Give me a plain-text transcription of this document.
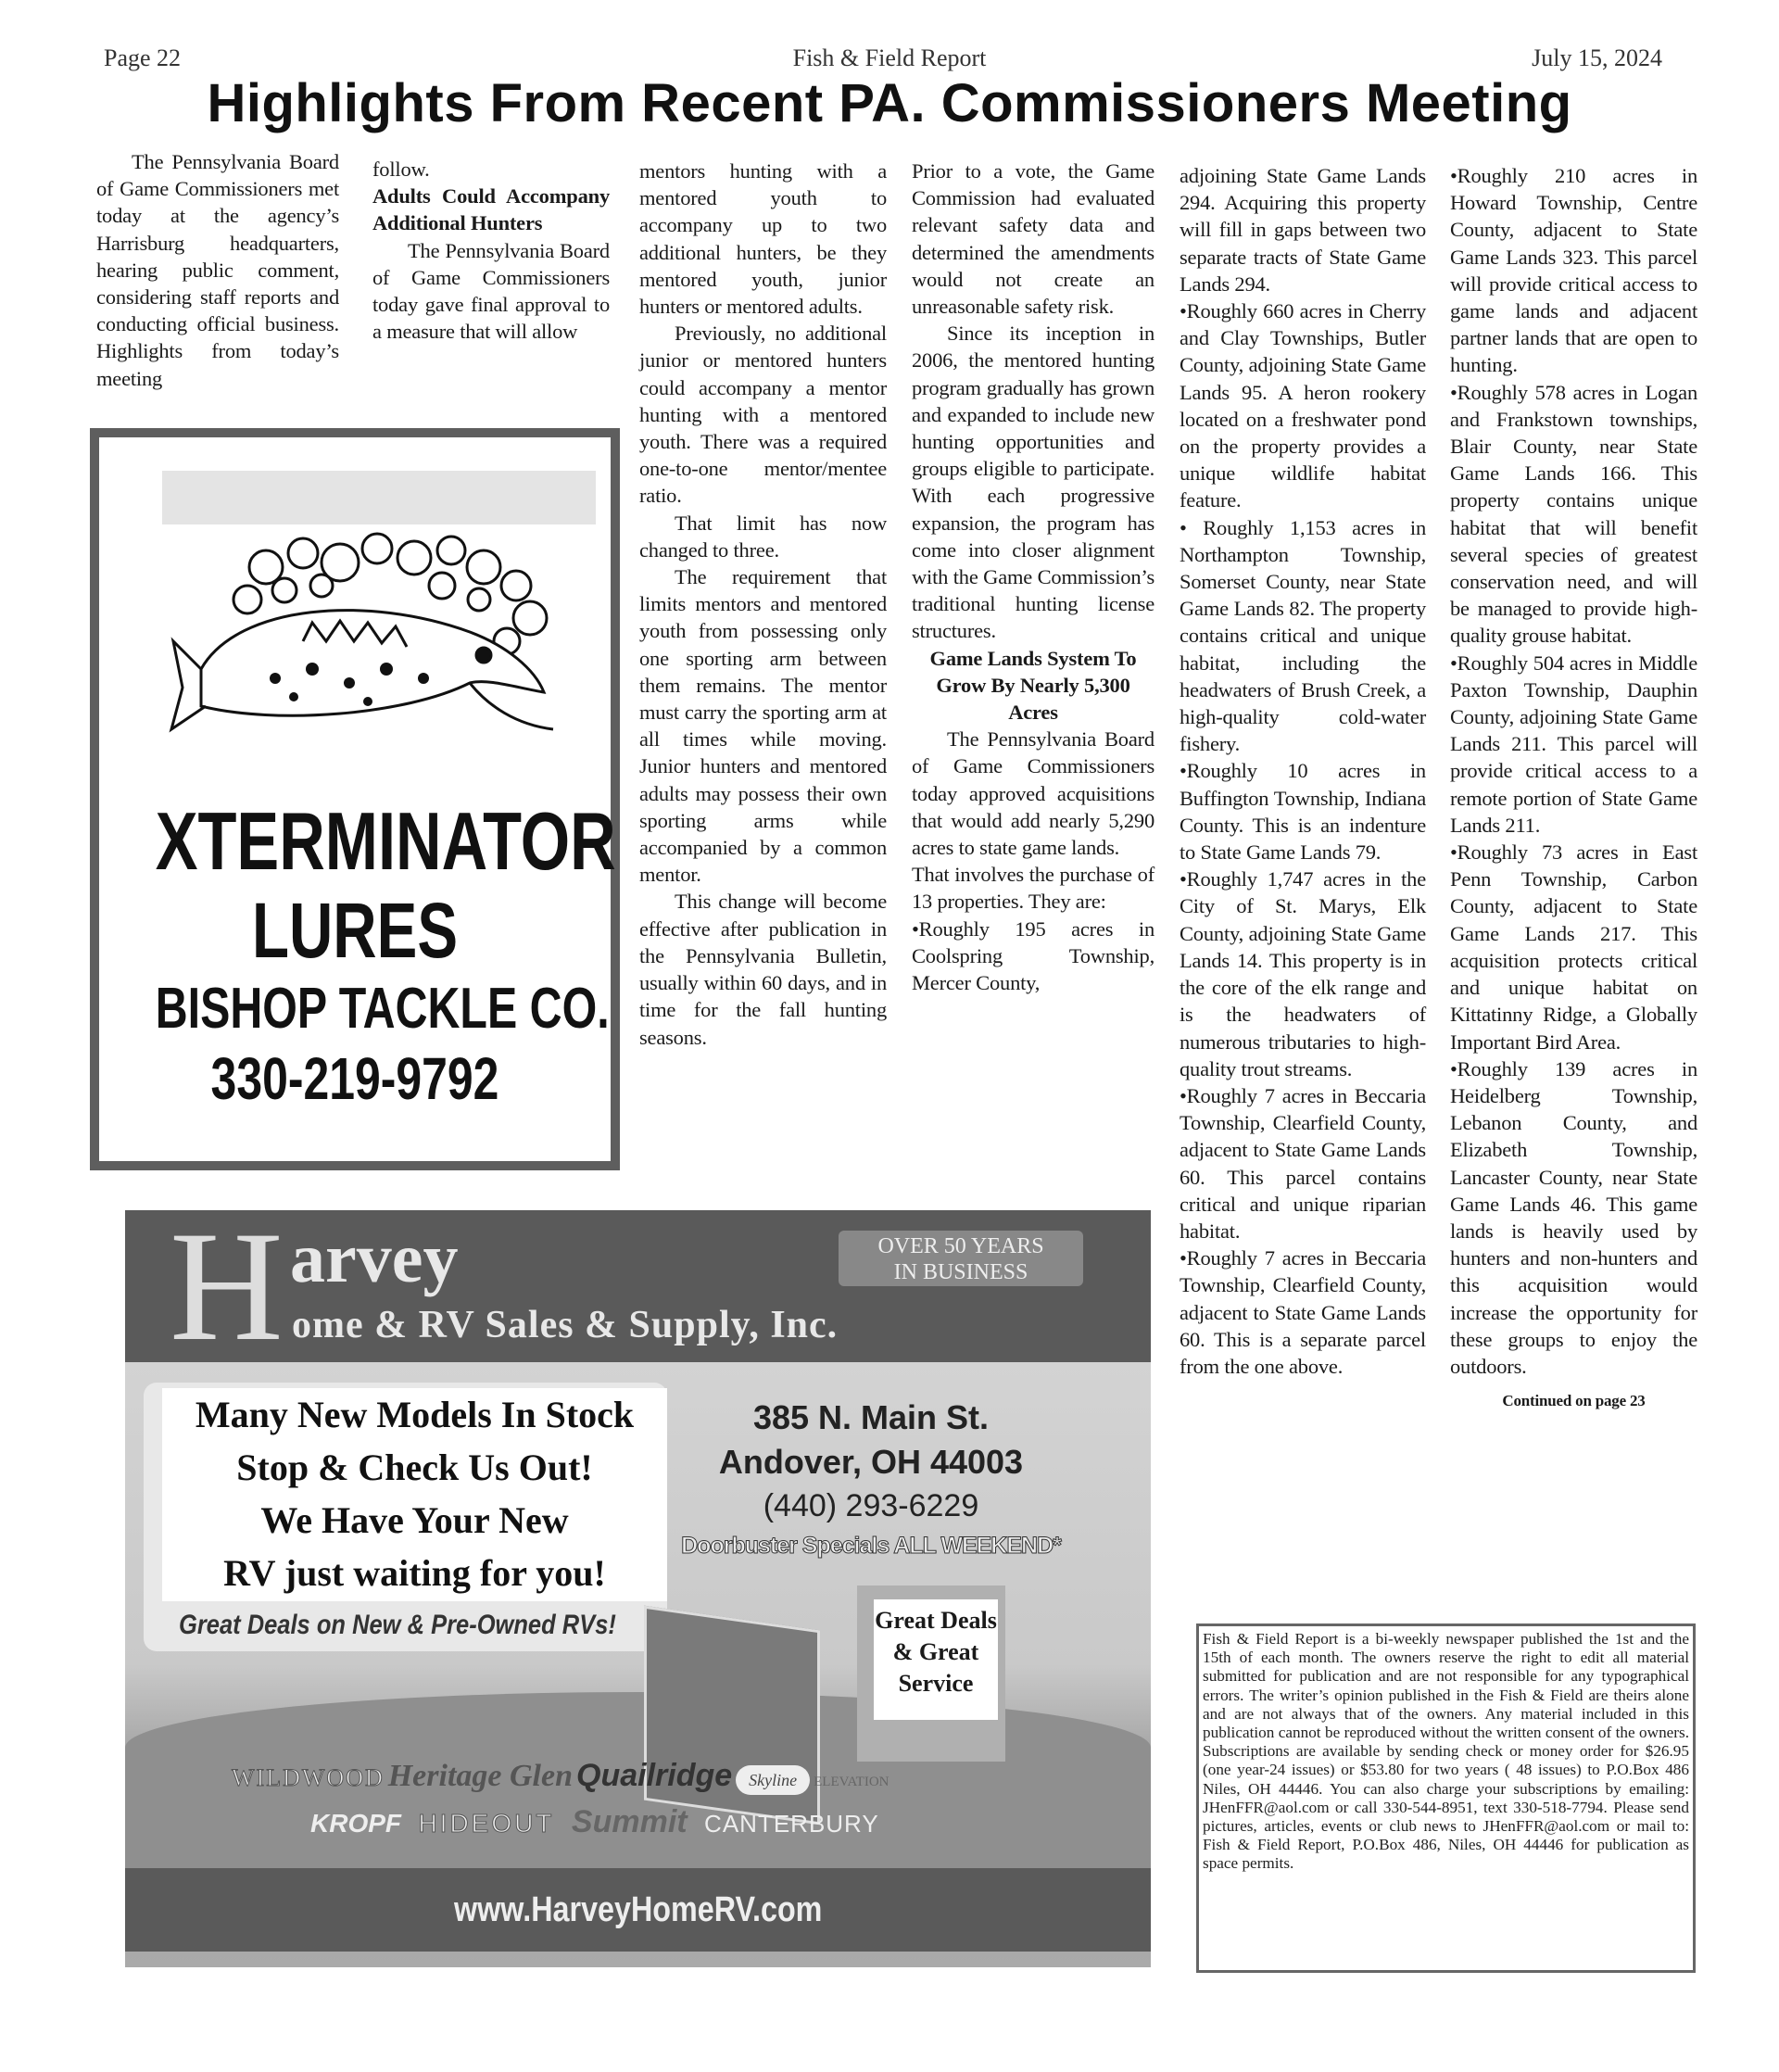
Page 22	Fish & Field Report	July 15, 2024
Highlights From Recent PA. Commissioners Meeting

The Pennsylvania Board of Game Commissioners met today at the agency’s Harrisburg headquarters, hearing public comment, considering staff reports and conducting official business. Highlights from today’s meeting

follow.

Adults Could Accompany Additional Hunters

The Pennsylvania Board of Game Commissioners today gave final approval to a measure that will allow

mentors hunting with a mentored youth to accompany up to two additional hunters, be they mentored youth, junior hunters or mentored adults.

Previously, no additional junior or mentored hunters could accompany a mentor hunting with a mentored youth. There was a required one-to-one mentor/mentee ratio.

That limit has now changed to three.

The requirement that limits mentors and mentored youth from possessing only one sporting arm between them remains. The mentor must carry the sporting arm at all times while moving. Junior hunters and mentored adults may possess their own sporting arms while accompanied by a common mentor.

This change will become effective after publication in the Pennsylvania Bulletin, usually within 60 days, and in time for the fall hunting seasons.

Prior to a vote, the Game Commission had evaluated relevant safety data and determined the amendments would not create an unreasonable safety risk.

Since its inception in 2006, the mentored hunting program gradually has grown and expanded to include new hunting opportunities and groups eligible to participate. With each progressive expansion, the program has come into closer alignment with the Game Commission’s traditional hunting license structures.

Game Lands System To Grow By Nearly 5,300 Acres

The Pennsylvania Board of Game Commissioners today approved acquisitions that would add nearly 5,290 acres to state game lands.

That involves the purchase of 13 properties. They are:

•Roughly 195 acres in Coolspring Township, Mercer County,

adjoining State Game Lands 294. Acquiring this property will fill in gaps between two separate tracts of State Game Lands 294.

•Roughly 660 acres in Cherry and Clay Townships, Butler County, adjoining State Game Lands 95. A heron rookery located on a freshwater pond on the property provides a unique wildlife habitat feature.

• Roughly 1,153 acres in Northampton Township, Somerset County, near State Game Lands 82. The property contains critical and unique habitat, including the headwaters of Brush Creek, a high-quality cold-water fishery.

•Roughly 10 acres in Buffington Township, Indiana County. This is an indenture to State Game Lands 79.

•Roughly 1,747 acres in the City of St. Marys, Elk County, adjoining State Game Lands 14. This property is in the core of the elk range and is the headwaters of numerous tributaries to high-quality trout streams.

•Roughly 7 acres in Beccaria Township, Clearfield County, adjacent to State Game Lands 60. This parcel contains critical and unique riparian habitat.

•Roughly 7 acres in Beccaria Township, Clearfield County, adjacent to State Game Lands 60. This is a separate parcel from the one above.

•Roughly 210 acres in Howard Township, Centre County, adjacent to State Game Lands 323. This parcel will provide critical access to game lands and adjacent partner lands that are open to hunting.

•Roughly 578 acres in Logan and Frankstown townships, Blair County, near State Game Lands 166. This property contains unique habitat that will benefit several species of greatest conservation need, and will be managed to provide high-quality grouse habitat.

•Roughly 504 acres in Middle Paxton Township, Dauphin County, adjoining State Game Lands 211. This parcel will provide critical access to a remote portion of State Game Lands 211.

•Roughly 73 acres in East Penn Township, Carbon County, adjacent to State Game Lands 217. This acquisition protects critical and unique habitat on Kittatinny Ridge, a Globally Important Bird Area.

•Roughly 139 acres in Heidelberg Township, Lebanon County, and Elizabeth Township, Lancaster County, near State Game Lands 46. This game lands is heavily used by hunters and non-hunters and this acquisition would increase the opportunity for these groups to enjoy the outdoors.

Continued on page 23
XTERMINATOR
LURES
BISHOP TACKLE CO.
330-219-9792
H arvey
ome & RV Sales & Supply, Inc.
OVER 50 YEARS
IN BUSINESS
Many New Models In Stock
Stop & Check Us Out!
We Have Your New
RV just waiting for you!
Great Deals on New & Pre-Owned RVs!
385 N. Main St.
Andover, OH 44003
(440) 293-6229
Doorbuster Specials ALL WEEKEND*
Great Deals
& Great
Service
WILDWOOD Heritage Glen Quailridge Skyline ELEVATION
KROPF HIDEOUT Summit CANTERBURY
www.HarveyHomeRV.com
Fish & Field Report is a bi-weekly newspaper published the 1st and the 15th of each month. The owners reserve the right to edit all material submitted for publication and are not responsible for any typographical errors. The writer’s opinion published in the Fish & Field are theirs alone and are not always that of the owners. Any material included in this publication cannot be reproduced without the written consent of the owners. Subscriptions are available by sending check or money order for $26.95 (one year-24 issues) or $53.80 for two years ( 48 issues) to P.O.Box 486 Niles, OH 44446. You can also charge your subscriptions by emailing: JHenFFR@aol.com or call 330-544-8951, text 330-518-7794. Please send pictures, articles, events or club news to JHenFFR@aol.com or mail to: Fish & Field Report, P.O.Box 486, Niles, OH 44446 for publication as space permits.
